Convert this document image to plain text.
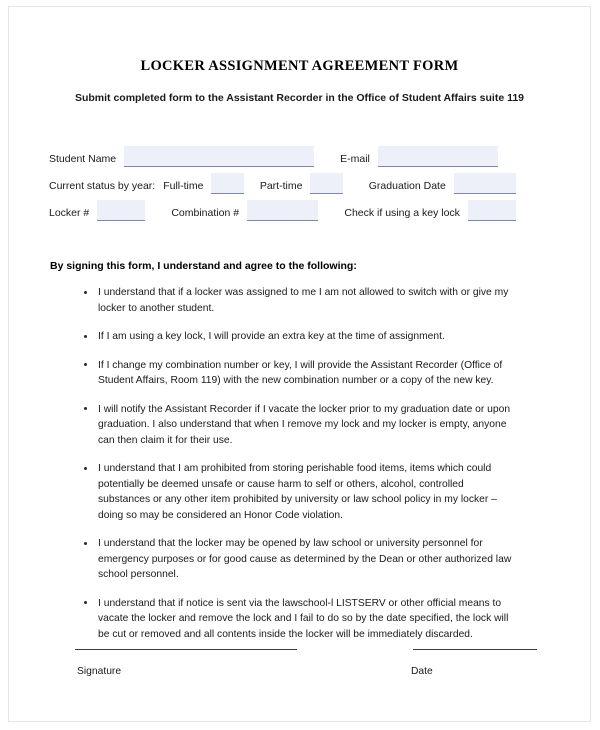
LOCKER ASSIGNMENT AGREEMENT FORM
Submit completed form to the Assistant Recorder in the Office of Student Affairs suite 119
Student Name	E-mail
Current status by year: Full-time	Part-time	Graduation Date
Locker #	Combination #	Check if using a key lock
By signing this form, I understand and agree to the following:
I understand that if a locker was assigned to me I am not allowed to switch with or give my locker to another student.
If I am using a key lock, I will provide an extra key at the time of assignment.
If I change my combination number or key, I will provide the Assistant Recorder (Office of Student Affairs, Room 119) with the new combination number or a copy of the new key.
I will notify the Assistant Recorder if I vacate the locker prior to my graduation date or upon graduation. I also understand that when I remove my lock and my locker is empty, anyone can then claim it for their use.
I understand that I am prohibited from storing perishable food items, items which could potentially be deemed unsafe or cause harm to self or others, alcohol, controlled substances or any other item prohibited by university or law school policy in my locker – doing so may be considered an Honor Code violation.
I understand that the locker may be opened by law school or university personnel for emergency purposes or for good cause as determined by the Dean or other authorized law school personnel.
I understand that if notice is sent via the lawschool-l LISTSERV or other official means to vacate the locker and remove the lock and I fail to do so by the date specified, the lock will be cut or removed and all contents inside the locker will be immediately discarded.
Signature	Date
